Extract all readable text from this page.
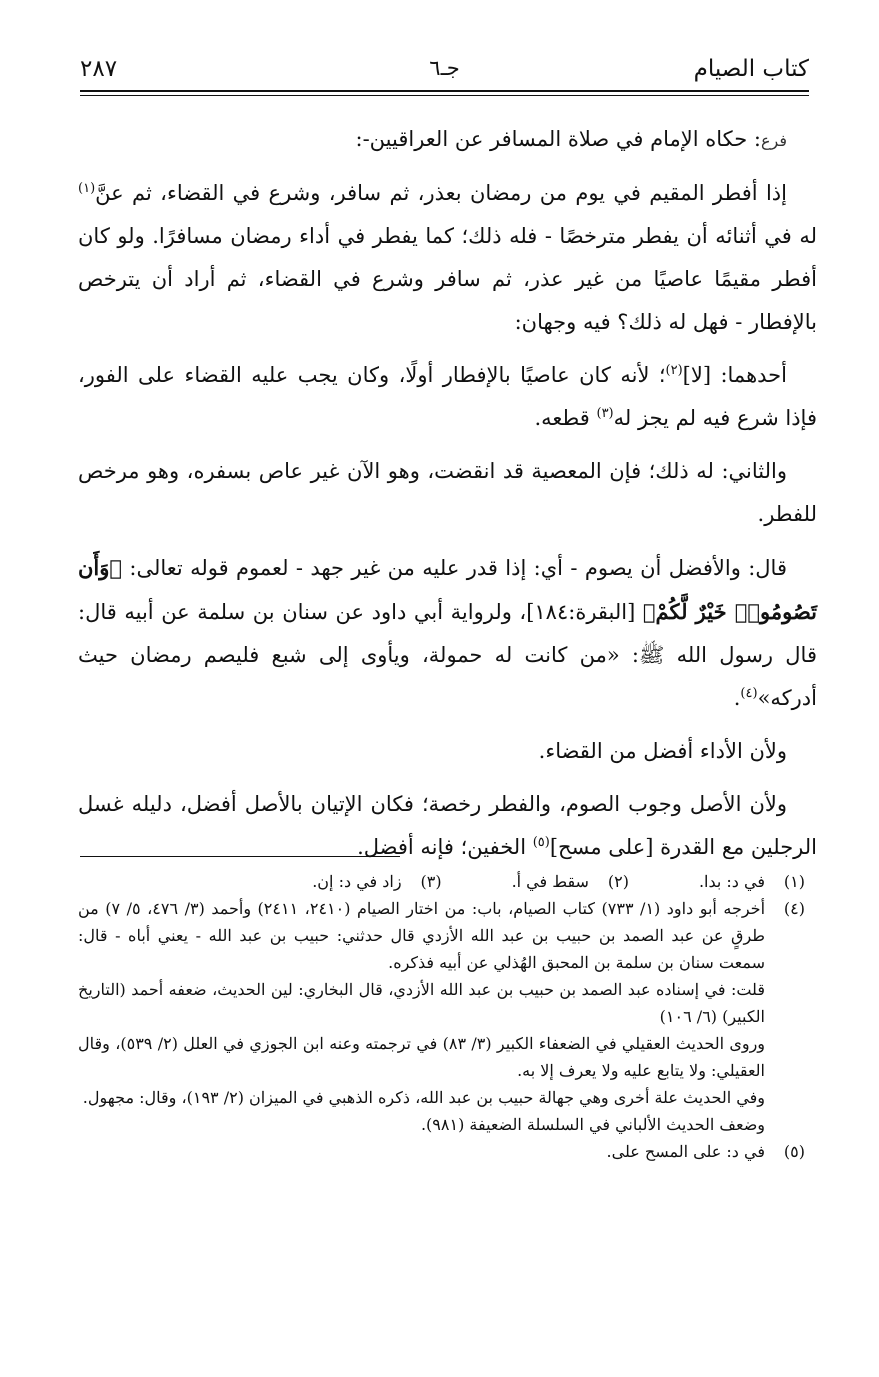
كتاب الصيام
جـ٦
٢٨٧

فرع: حكاه الإمام في صلاة المسافر عن العراقيين-:

إذا أفطر المقيم في يوم من رمضان بعذر، ثم سافر، وشرع في القضاء، ثم عنَّ$^{(١)}$ له في أثنائه أن يفطر مترخصًا - فله ذلك؛ كما يفطر في أداء رمضان مسافرًا. ولو كان أفطر مقيمًا عاصيًا من غير عذر، ثم سافر وشرع في القضاء، ثم أراد أن يترخص بالإفطار - فهل له ذلك؟ فيه وجهان:

أحدهما: [لا]$^{(٢)}$؛ لأنه كان عاصيًا بالإفطار أولًا، وكان يجب عليه القضاء على الفور، فإذا شرع فيه لم يجز له$^{(٣)}$ قطعه.

والثاني: له ذلك؛ فإن المعصية قد انقضت، وهو الآن غير عاص بسفره، وهو مرخص للفطر.

قال: والأفضل أن يصوم - أي: إذا قدر عليه من غير جهد - لعموم قوله تعالى: ﴿وَأَن تَصُومُوا۟ خَيْرٌ لَّكُمْ﴾ [البقرة:١٨٤]، ولرواية أبي داود عن سنان بن سلمة عن أبيه قال: قال رسول الله ﷺ: «من كانت له حمولة، ويأوى إلى شبع فليصم رمضان حيث أدركه»$^{(٤)}$.

ولأن الأداء أفضل من القضاء.

ولأن الأصل وجوب الصوم، والفطر رخصة؛ فكان الإتيان بالأصل أفضل، دليله غسل الرجلين مع القدرة [على مسح]$^{(٥)}$ الخفين؛ فإنه أفضل.

(١)
في د: بدا.
(٢)
سقط في أ.
(٣)
زاد في د: إن.
(٤)
أخرجه أبو داود (١/ ٧٣٣) كتاب الصيام، باب: من اختار الصيام (٢٤١٠، ٢٤١١) وأحمد (٣/ ٤٧٦، ٥/ ٧) من طرقٍ عن عبد الصمد بن حبيب بن عبد الله الأزدي قال حدثني: حبيب بن عبد الله - يعني أباه - قال: سمعت سنان بن سلمة بن المحبق الهُذلي عن أبيه فذكره.
قلت: في إسناده عبد الصمد بن حبيب بن عبد الله الأزدي، قال البخاري: لين الحديث، ضعفه أحمد (التاريخ الكبير) (٦/ ١٠٦)
وروى الحديث العقيلي في الضعفاء الكبير (٣/ ٨٣) في ترجمته وعنه ابن الجوزي في العلل (٢/ ٥٣٩)، وقال العقيلي: ولا يتابع عليه ولا يعرف إلا به.
وفي الحديث علة أخرى وهي جهالة حبيب بن عبد الله، ذكره الذهبي في الميزان (٢/ ١٩٣)، وقال: مجهول.
وضعف الحديث الألباني في السلسلة الضعيفة (٩٨١).
(٥)
في د: على المسح على.
